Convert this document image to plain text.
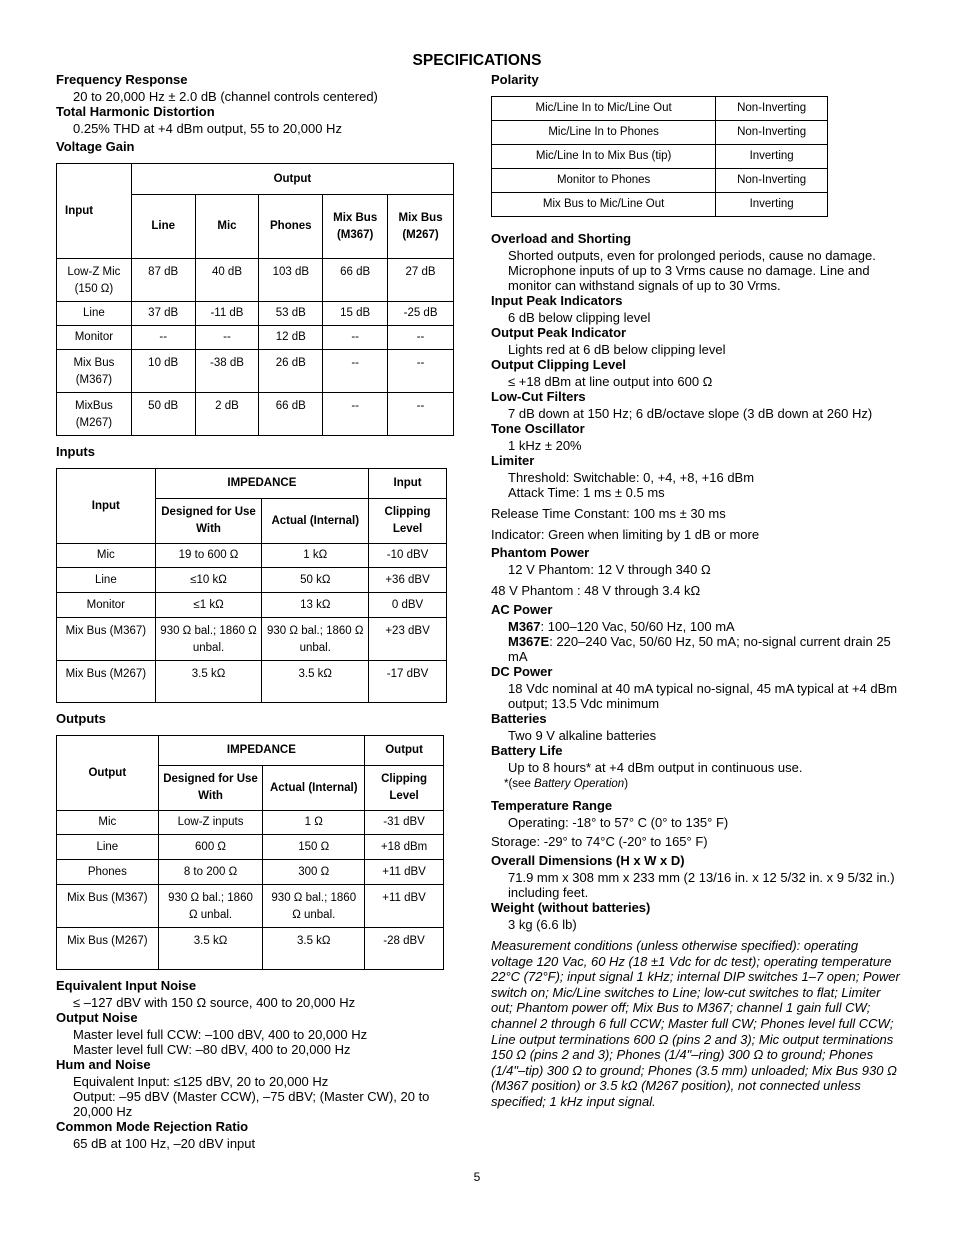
SPECIFICATIONS
Frequency Response
20 to 20,000 Hz ± 2.0 dB (channel controls centered)
Total Harmonic Distortion
0.25% THD at +4 dBm output, 55 to 20,000 Hz
Voltage Gain
Input	Output				
	Line	Mic	Phones	Mix Bus (M367)	Mix Bus (M267)
Low-Z Mic (150 Ω)	87 dB	40 dB	103 dB	66 dB	27 dB
Line	37 dB	-11 dB	53 dB	15 dB	-25 dB
Monitor	--	--	12 dB	--	--
Mix Bus (M367)	10 dB	-38 dB	26 dB	--	--
MixBus (M267)	50 dB	2 dB	66 dB	--	--
Inputs
Input	IMPEDANCE		Input
	Designed for Use With	Actual (Internal)	Clipping Level
Mic	19 to 600 Ω	1 kΩ	-10 dBV
Line	≤10 kΩ	50 kΩ	+36 dBV
Monitor	≤1 kΩ	13 kΩ	0 dBV
Mix Bus (M367)	930 Ω bal.; 1860 Ω unbal.	930 Ω bal.; 1860 Ω unbal.	+23 dBV
Mix Bus (M267)	3.5 kΩ	3.5 kΩ	-17 dBV
Outputs
Output	IMPEDANCE		Output
	Designed for Use With	Actual (Internal)	Clipping Level
Mic	Low-Z inputs	1 Ω	-31 dBV
Line	600 Ω	150 Ω	+18 dBm
Phones	8 to 200 Ω	300 Ω	+11 dBV
Mix Bus (M367)	930 Ω bal.; 1860 Ω unbal.	930 Ω bal.; 1860 Ω unbal.	+11 dBV
Mix Bus (M267)	3.5 kΩ	3.5 kΩ	-28 dBV
Equivalent Input Noise
≤ –127 dBV with 150 Ω source, 400 to 20,000 Hz
Output Noise
Master level full CCW: –100 dBV, 400 to 20,000 Hz
Master level full CW: –80 dBV, 400 to 20,000 Hz
Hum and Noise
Equivalent Input: ≤125 dBV, 20 to 20,000 Hz
Output: –95 dBV (Master CCW), –75 dBV; (Master CW), 20 to 20,000 Hz
Common Mode Rejection Ratio
65 dB at 100 Hz, –20 dBV input
Polarity
Mic/Line In to Mic/Line Out	Non-Inverting
Mic/Line In to Phones	Non-Inverting
Mic/Line In to Mix Bus (tip)	Inverting
Monitor to Phones	Non-Inverting
Mix Bus to Mic/Line Out	Inverting
Overload and Shorting
Shorted outputs, even for prolonged periods, cause no damage. Microphone inputs of up to 3 Vrms cause no damage. Line and monitor can withstand signals of up to 30 Vrms.
Input Peak Indicators
6 dB below clipping level
Output Peak Indicator
Lights red at 6 dB below clipping level
Output Clipping Level
≤ +18 dBm at line output into 600 Ω
Low-Cut Filters
7 dB down at 150 Hz; 6 dB/octave slope (3 dB down at 260 Hz)
Tone Oscillator
1 kHz ± 20%
Limiter
Threshold: Switchable: 0, +4, +8, +16 dBm
Attack Time: 1 ms ± 0.5 ms
Release Time Constant: 100 ms ± 30 ms
Indicator: Green when limiting by 1 dB or more
Phantom Power
12 V Phantom: 12 V through 340 Ω
48 V Phantom : 48 V through 3.4 kΩ
AC Power
M367: 100–120 Vac, 50/60 Hz, 100 mA
M367E: 220–240 Vac, 50/60 Hz, 50 mA; no-signal current drain 25 mA
DC Power
18 Vdc nominal at 40 mA typical no-signal, 45 mA typical at +4 dBm output; 13.5 Vdc minimum
Batteries
Two 9 V alkaline batteries
Battery Life
Up to 8 hours* at +4 dBm output in continuous use.
*(see Battery Operation)
Temperature Range
Operating: -18° to 57° C (0° to 135° F)
Storage: -29° to 74°C (-20° to 165° F)
Overall Dimensions (H x W x D)
71.9 mm x 308 mm x 233 mm (2 13/16 in. x 12 5/32 in. x 9 5/32 in.) including feet.
Weight (without batteries)
3 kg (6.6 lb)
Measurement conditions (unless otherwise specified): operating voltage 120 Vac, 60 Hz (18 ±1 Vdc for dc test); operating temperature 22°C (72°F); input signal 1 kHz; internal DIP switches 1–7 open; Power switch on; Mic/Line switches to Line; low-cut switches to flat; Limiter out; Phantom power off; Mix Bus to M367; channel 1 gain full CW; channel 2 through 6 full CCW; Master full CW; Phones level full CCW; Line output terminations 600 Ω (pins 2 and 3); Mic output terminations 150 Ω (pins 2 and 3); Phones (1/4"–ring) 300 Ω to ground; Phones (1/4"–tip) 300 Ω to ground; Phones (3.5 mm) unloaded; Mix Bus 930 Ω (M367 position) or 3.5 kΩ (M267 position), not connected unless specified; 1 kHz input signal.
5
